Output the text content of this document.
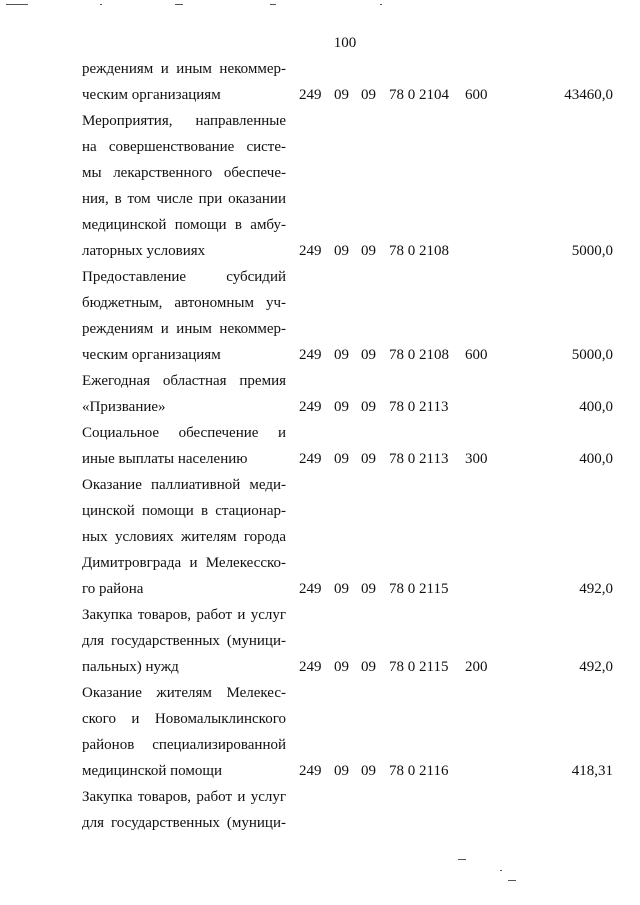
100
реждениям и иным некоммер-
ческим организациям	249 09 09 78 0 2104 600	43460,0
Мероприятия, направленные
на совершенствование систе-
мы лекарственного обеспече-
ния, в том числе при оказании
медицинской помощи в амбу-
латорных условиях	249 09 09 78 0 2108	5000,0
Предоставление субсидий
бюджетным, автономным уч-
реждениям и иным некоммер-
ческим организациям	249 09 09 78 0 2108 600	5000,0
Ежегодная областная премия
«Призвание»	249 09 09 78 0 2113	400,0
Социальное обеспечение и
иные выплаты населению	249 09 09 78 0 2113 300	400,0
Оказание паллиативной меди-
цинской помощи в стационар-
ных условиях жителям города
Димитровграда и Мелекесско-
го района	249 09 09 78 0 2115	492,0
Закупка товаров, работ и услуг
для государственных (муници-
пальных) нужд	249 09 09 78 0 2115 200	492,0
Оказание жителям Мелекес-
ского и Новомалыклинского
районов специализированной
медицинской помощи	249 09 09 78 0 2116	418,31
Закупка товаров, работ и услуг
для государственных (муници-
